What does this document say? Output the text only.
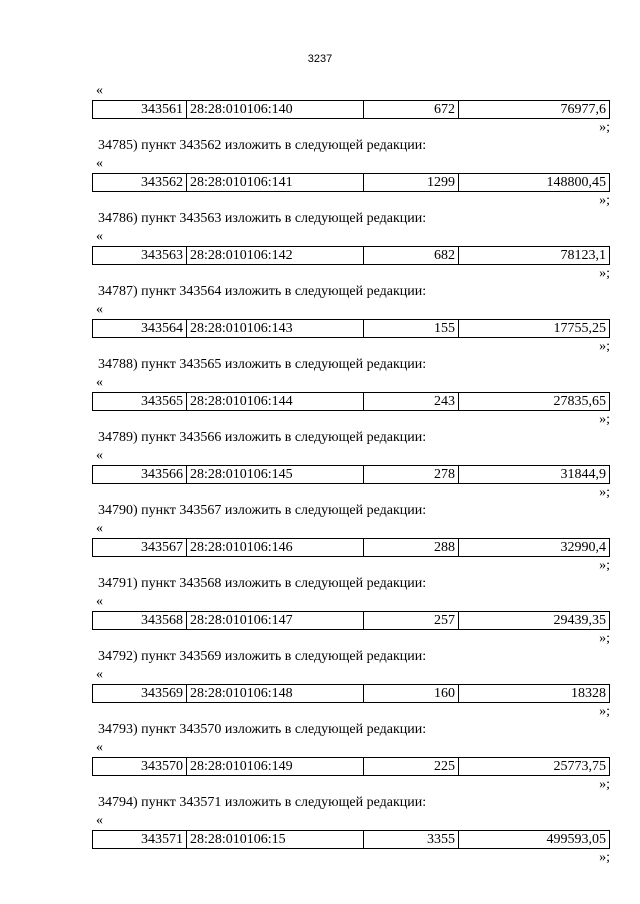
3237
«
343561	28:28:010106:140	672	76977,6
»;
34785) пункт 343562 изложить в следующей редакции:
«
343562	28:28:010106:141	1299	148800,45
»;
34786) пункт 343563 изложить в следующей редакции:
«
343563	28:28:010106:142	682	78123,1
»;
34787) пункт 343564 изложить в следующей редакции:
«
343564	28:28:010106:143	155	17755,25
»;
34788) пункт 343565 изложить в следующей редакции:
«
343565	28:28:010106:144	243	27835,65
»;
34789) пункт 343566 изложить в следующей редакции:
«
343566	28:28:010106:145	278	31844,9
»;
34790) пункт 343567 изложить в следующей редакции:
«
343567	28:28:010106:146	288	32990,4
»;
34791) пункт 343568 изложить в следующей редакции:
«
343568	28:28:010106:147	257	29439,35
»;
34792) пункт 343569 изложить в следующей редакции:
«
343569	28:28:010106:148	160	18328
»;
34793) пункт 343570 изложить в следующей редакции:
«
343570	28:28:010106:149	225	25773,75
»;
34794) пункт 343571 изложить в следующей редакции:
«
343571	28:28:010106:15	3355	499593,05
»;
